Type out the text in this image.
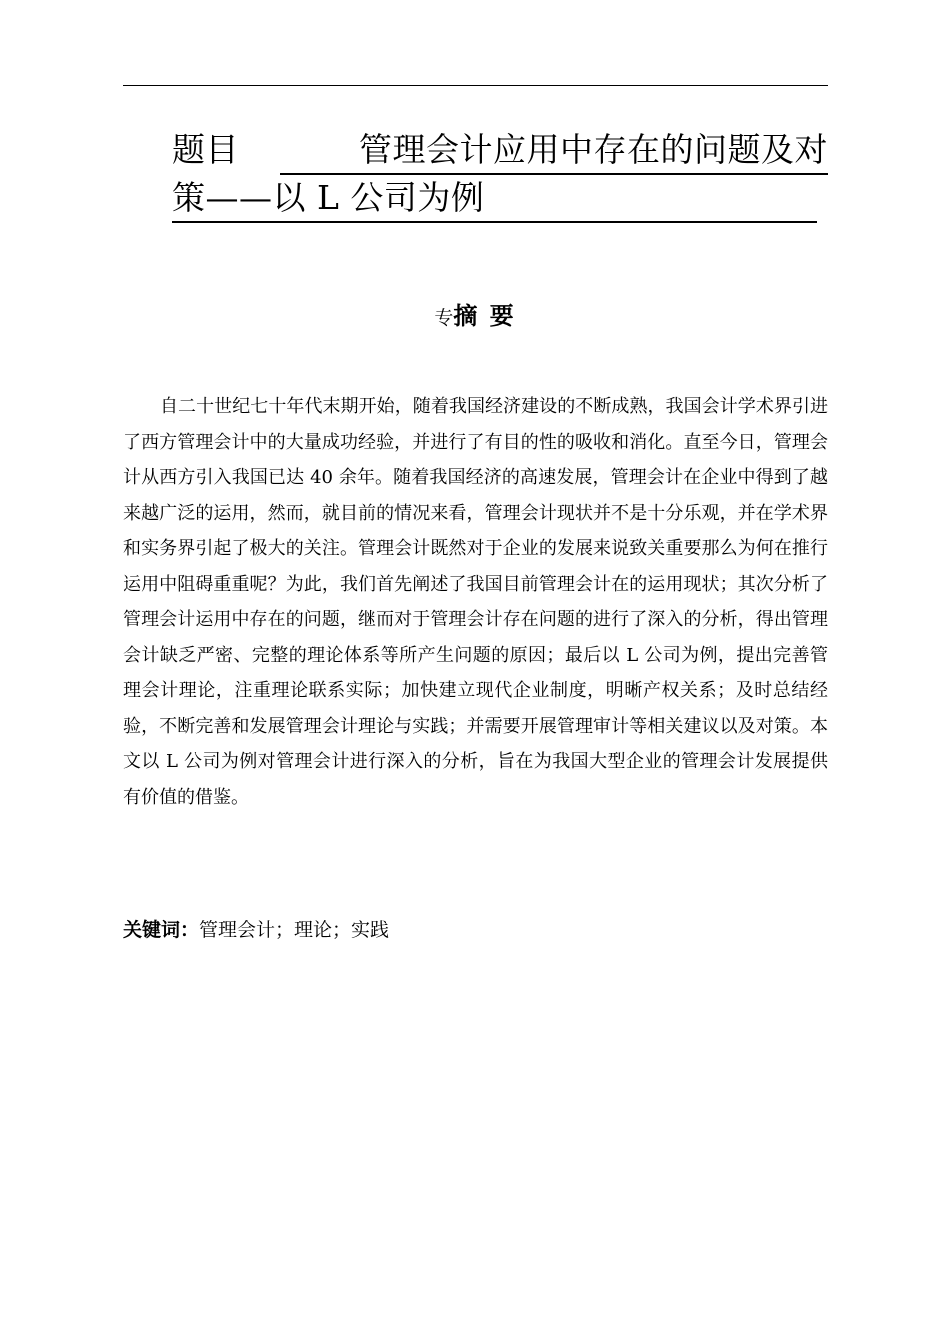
题目	管理会计应用中存在的问题及对
策——以 L 公司为例
专摘 要

自二十世纪七十年代末期开始，随着我国经济建设的不断成熟，我国会计学术界引进了西方管理会计中的大量成功经验，并进行了有目的性的吸收和消化。直至今日，管理会计从西方引入我国已达 40 余年。随着我国经济的高速发展，管理会计在企业中得到了越来越广泛的运用，然而，就目前的情况来看，管理会计现状并不是十分乐观，并在学术界和实务界引起了极大的关注。管理会计既然对于企业的发展来说致关重要那么为何在推行运用中阻碍重重呢？为此，我们首先阐述了我国目前管理会计在的运用现状；其次分析了管理会计运用中存在的问题，继而对于管理会计存在问题的进行了深入的分析，得出管理会计缺乏严密、完整的理论体系等所产生问题的原因；最后以 L 公司为例，提出完善管理会计理论，注重理论联系实际；加快建立现代企业制度，明晰产权关系；及时总结经验，不断完善和发展管理会计理论与实践；并需要开展管理审计等相关建议以及对策。本文以 L 公司为例对管理会计进行深入的分析，旨在为我国大型企业的管理会计发展提供有价值的借鉴。

关键词：管理会计；理论；实践
